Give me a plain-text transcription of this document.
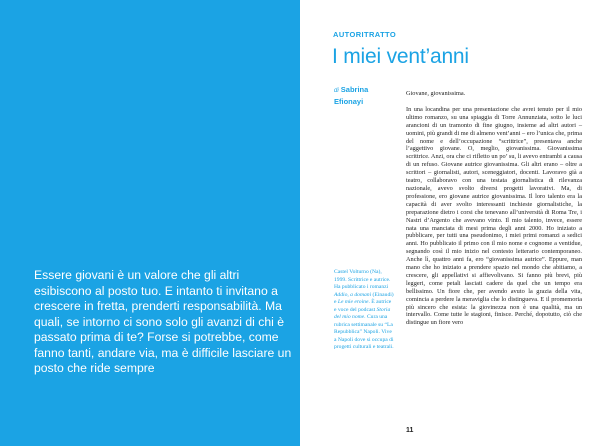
Essere giovani è un valore che gli altri esibiscono al posto tuo. E intanto ti invitano a crescere in fretta, prenderti responsabilità. Ma quali, se intorno ci sono solo gli avanzi di chi è passato prima di te? Forse si potrebbe, come fanno tanti, andare via, ma è difficile lasciare un posto che ride sempre
AUTORITRATTO
I miei vent’anni
di Sabrina Efionayi
Castel Volturno (Na), 1999. Scrittrice e autrice. Ha pubblicato i romanzi Addio, a domani (Einaudi) e Le mie eroine. È autrice e voce del podcast Storia del mio nome. Cura una rubrica settimanale su “La Repubblica” Napoli. Vive a Napoli dove si occupa di progetti culturali e teatrali.

Giovane, giovanissima.

In una locandina per una presentazione che avrei tenuto per il mio ultimo romanzo, su una spiaggia di Torre Annunziata, sotto le luci arancioni di un tramonto di fine giugno, insieme ad altri autori – uomini, più grandi di me di almeno vent’anni – ero l’unica che, prima del nome e dell’occupazione “scrittrice”, presentava anche l’aggettivo giovane. O, meglio, giovanissima. Giovanissima scrittrice. Anzi, ora che ci rifletto un po’ su, li avevo entrambi a causa di un refuso. Giovane autrice giovanissima. Gli altri erano – oltre a scrittori – giornalisti, autori, sceneggiatori, docenti. Lavoravo già a teatro, collaboravo con una testata giornalistica di rilevanza nazionale, avevo svolto diversi progetti lavorativi. Ma, di professione, ero giovane autrice giovanissima. Il loro talento era la capacità di aver svolto interessanti inchieste giornalistiche, la preparazione dietro i corsi che tenevano all’università di Roma Tre, i Nastri d’Argento che avevano vinto. Il mio talento, invece, essere nata una manciata di mesi prima degli anni 2000. Ho iniziato a pubblicare, per tutti una pseudonimo, i miei primi romanzi a sedici anni. Ho pubblicato il primo con il mio nome e cognome a ventidue, segnando così il mio inizio nel contesto letterario contemporaneo. Anche lì, quattro anni fa, ero “giovanissima autrice”. Eppure, man mano che ho iniziato a prendere spazio nel mondo che abitiamo, a crescere, gli appellativi si affievolivano. Si fanno più brevi, più leggeri, come petali lasciati cadere da quel che un tempo era bellissimo. Un fiore che, per avendo avuto la grazia della vita, comincia a perdere la meraviglia che lo distingueva. E il promemoria più sincero che esista: la giovinezza non è una qualità, ma un intervallo. Come tutte le stagioni, finisce. Perché, dopotutto, ciò che distingue un fiore vero

11
